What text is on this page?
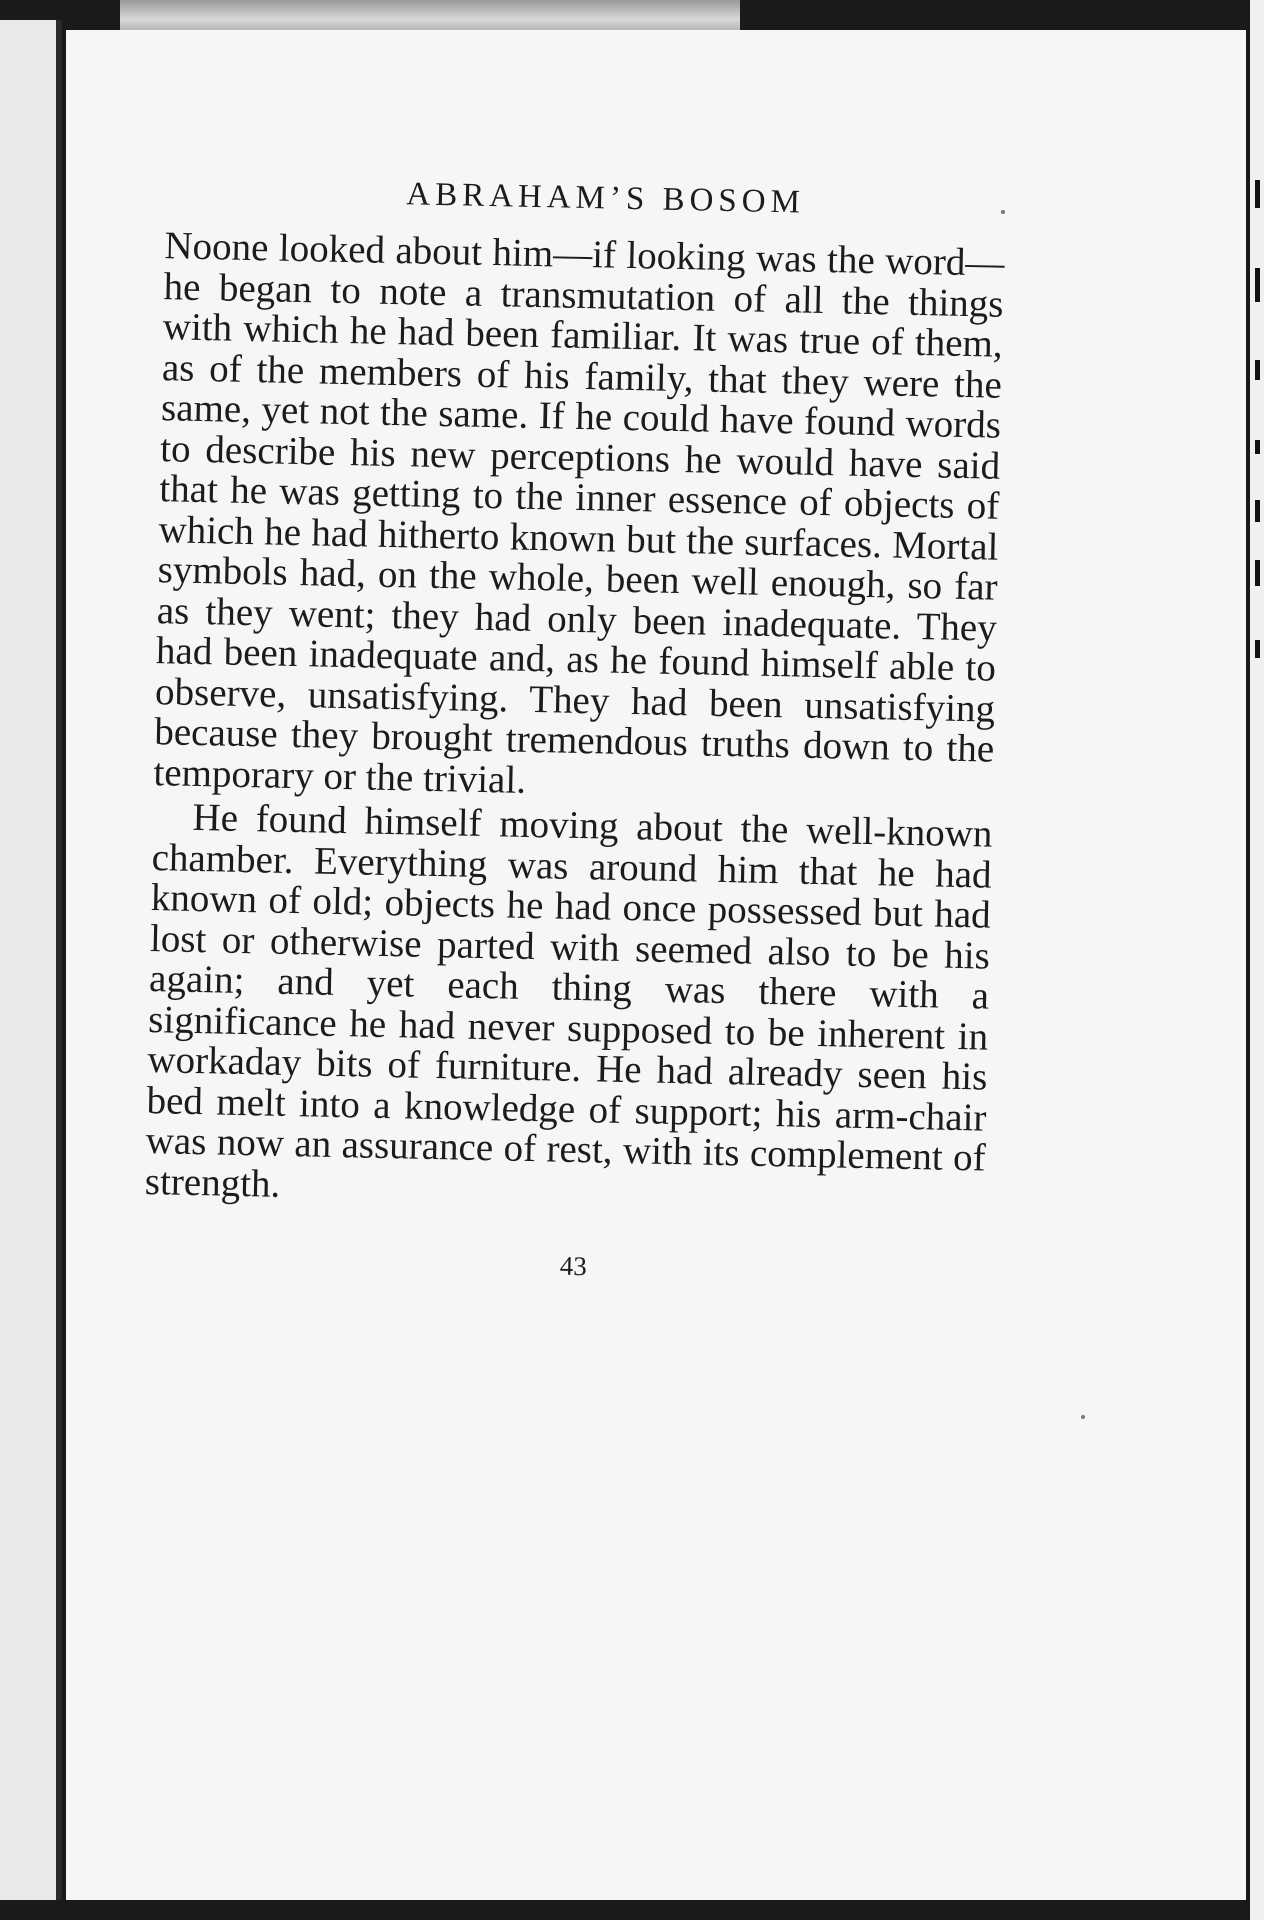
ABRAHAM’S BOSOM

Noone looked about him—if looking was the word—he began to note a transmutation of all the things with which he had been familiar. It was true of them, as of the members of his family, that they were the same, yet not the same. If he could have found words to describe his new perceptions he would have said that he was getting to the inner essence of objects of which he had hitherto known but the surfaces. Mortal symbols had, on the whole, been well enough, so far as they went; they had only been inadequate. They had been inadequate and, as he found himself able to observe, unsatisfying. They had been unsatisfying because they brought tremendous truths down to the temporary or the trivial.

He found himself moving about the well-known chamber. Everything was around him that he had known of old; objects he had once possessed but had lost or otherwise parted with seemed also to be his again; and yet each thing was there with a significance he had never supposed to be inherent in workaday bits of furniture. He had already seen his bed melt into a knowledge of support; his arm-chair was now an assurance of rest, with its complement of strength.

43
